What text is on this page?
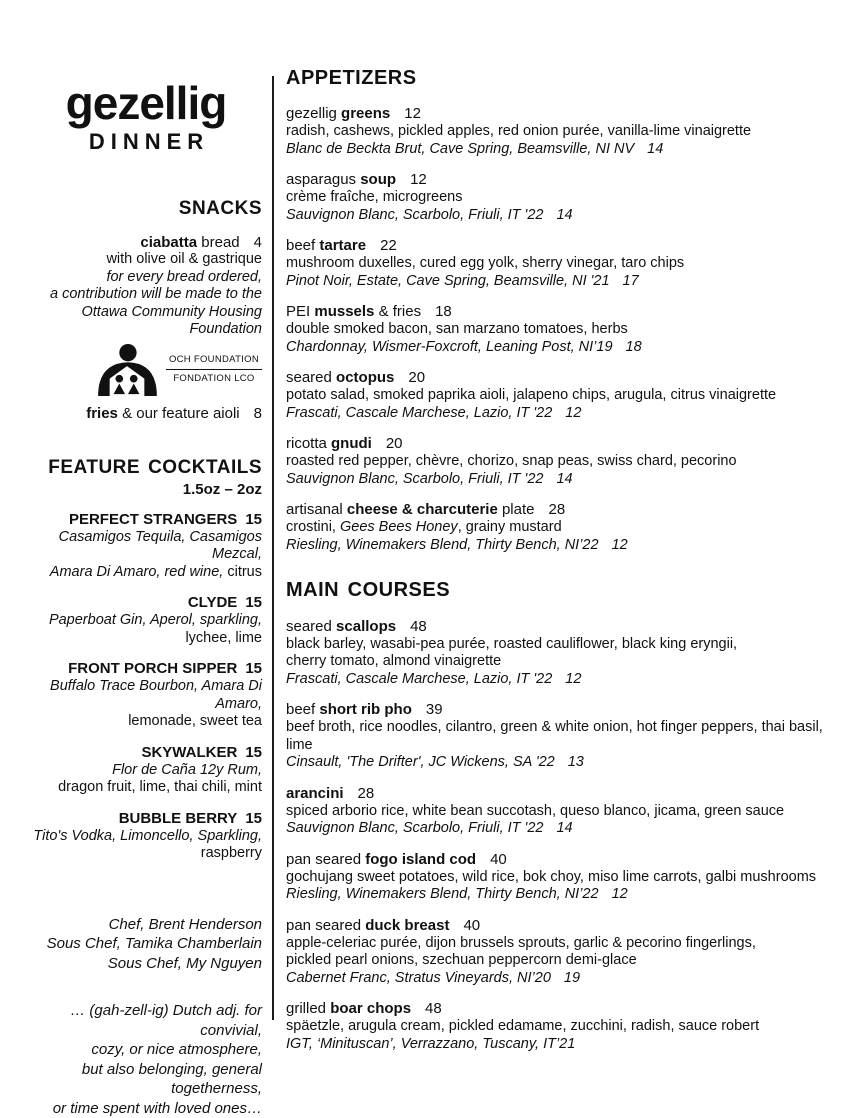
gezellig
DINNER
snacks
ciabatta bread 4
with olive oil & gastrique
for every bread ordered,
a contribution will be made to the
Ottawa Community Housing Foundation
OCH FOUNDATION
FONDATION LCO
fries & our feature aioli 8
feature cocktails
1.5oz – 2oz
PERFECT STRANGERS 15
Casamigos Tequila, Casamigos Mezcal,
Amara Di Amaro, red wine, citrus
CLYDE 15
Paperboat Gin, Aperol, sparkling,
lychee, lime
FRONT PORCH SIPPER 15
Buffalo Trace Bourbon, Amara Di Amaro,
lemonade, sweet tea
SKYWALKER 15
Flor de Caña 12y Rum,
dragon fruit, lime, thai chili, mint
BUBBLE BERRY 15
Tito's Vodka, Limoncello, Sparkling,
raspberry
Chef, Brent Henderson
Sous Chef, Tamika Chamberlain
Sous Chef, My Nguyen
… (gah-zell-ig) Dutch adj. for convivial,
cozy, or nice atmosphere,
but also belonging, general togetherness,
or time spent with loved ones…
appetizers
gezellig greens 12
radish, cashews, pickled apples, red onion purée, vanilla-lime vinaigrette
Blanc de Beckta Brut, Cave Spring, Beamsville, NI NV 14
asparagus soup 12
crème fraîche, microgreens
Sauvignon Blanc, Scarbolo, Friuli, IT '22 14
beef tartare 22
mushroom duxelles, cured egg yolk, sherry vinegar, taro chips
Pinot Noir, Estate, Cave Spring, Beamsville, NI '21 17
PEI mussels & fries 18
double smoked bacon, san marzano tomatoes, herbs
Chardonnay, Wismer-Foxcroft, Leaning Post, NI’19 18
seared octopus 20
potato salad, smoked paprika aioli, jalapeno chips, arugula, citrus vinaigrette
Frascati, Cascale Marchese, Lazio, IT '22 12
ricotta gnudi 20
roasted red pepper, chèvre, chorizo, snap peas, swiss chard, pecorino
Sauvignon Blanc, Scarbolo, Friuli, IT '22 14
artisanal cheese & charcuterie plate 28
crostini, Gees Bees Honey, grainy mustard
Riesling, Winemakers Blend, Thirty Bench, NI’22 12
main courses
seared scallops 48
black barley, wasabi-pea purée, roasted cauliflower, black king eryngii,
cherry tomato, almond vinaigrette
Frascati, Cascale Marchese, Lazio, IT '22 12
beef short rib pho 39
beef broth, rice noodles, cilantro, green & white onion, hot finger peppers, thai basil, lime
Cinsault, 'The Drifter', JC Wickens, SA '22 13
arancini 28
spiced arborio rice, white bean succotash, queso blanco, jicama, green sauce
Sauvignon Blanc, Scarbolo, Friuli, IT '22 14
pan seared fogo island cod 40
gochujang sweet potatoes, wild rice, bok choy, miso lime carrots, galbi mushrooms
Riesling, Winemakers Blend, Thirty Bench, NI’22 12
pan seared duck breast 40
apple-celeriac purée, dijon brussels sprouts, garlic & pecorino fingerlings,
pickled pearl onions, szechuan peppercorn demi-glace
Cabernet Franc, Stratus Vineyards, NI’20 19
grilled boar chops 48
späetzle, arugula cream, pickled edamame, zucchini, radish, sauce robert
IGT, ‘Minituscan’, Verrazzano, Tuscany, IT’21
